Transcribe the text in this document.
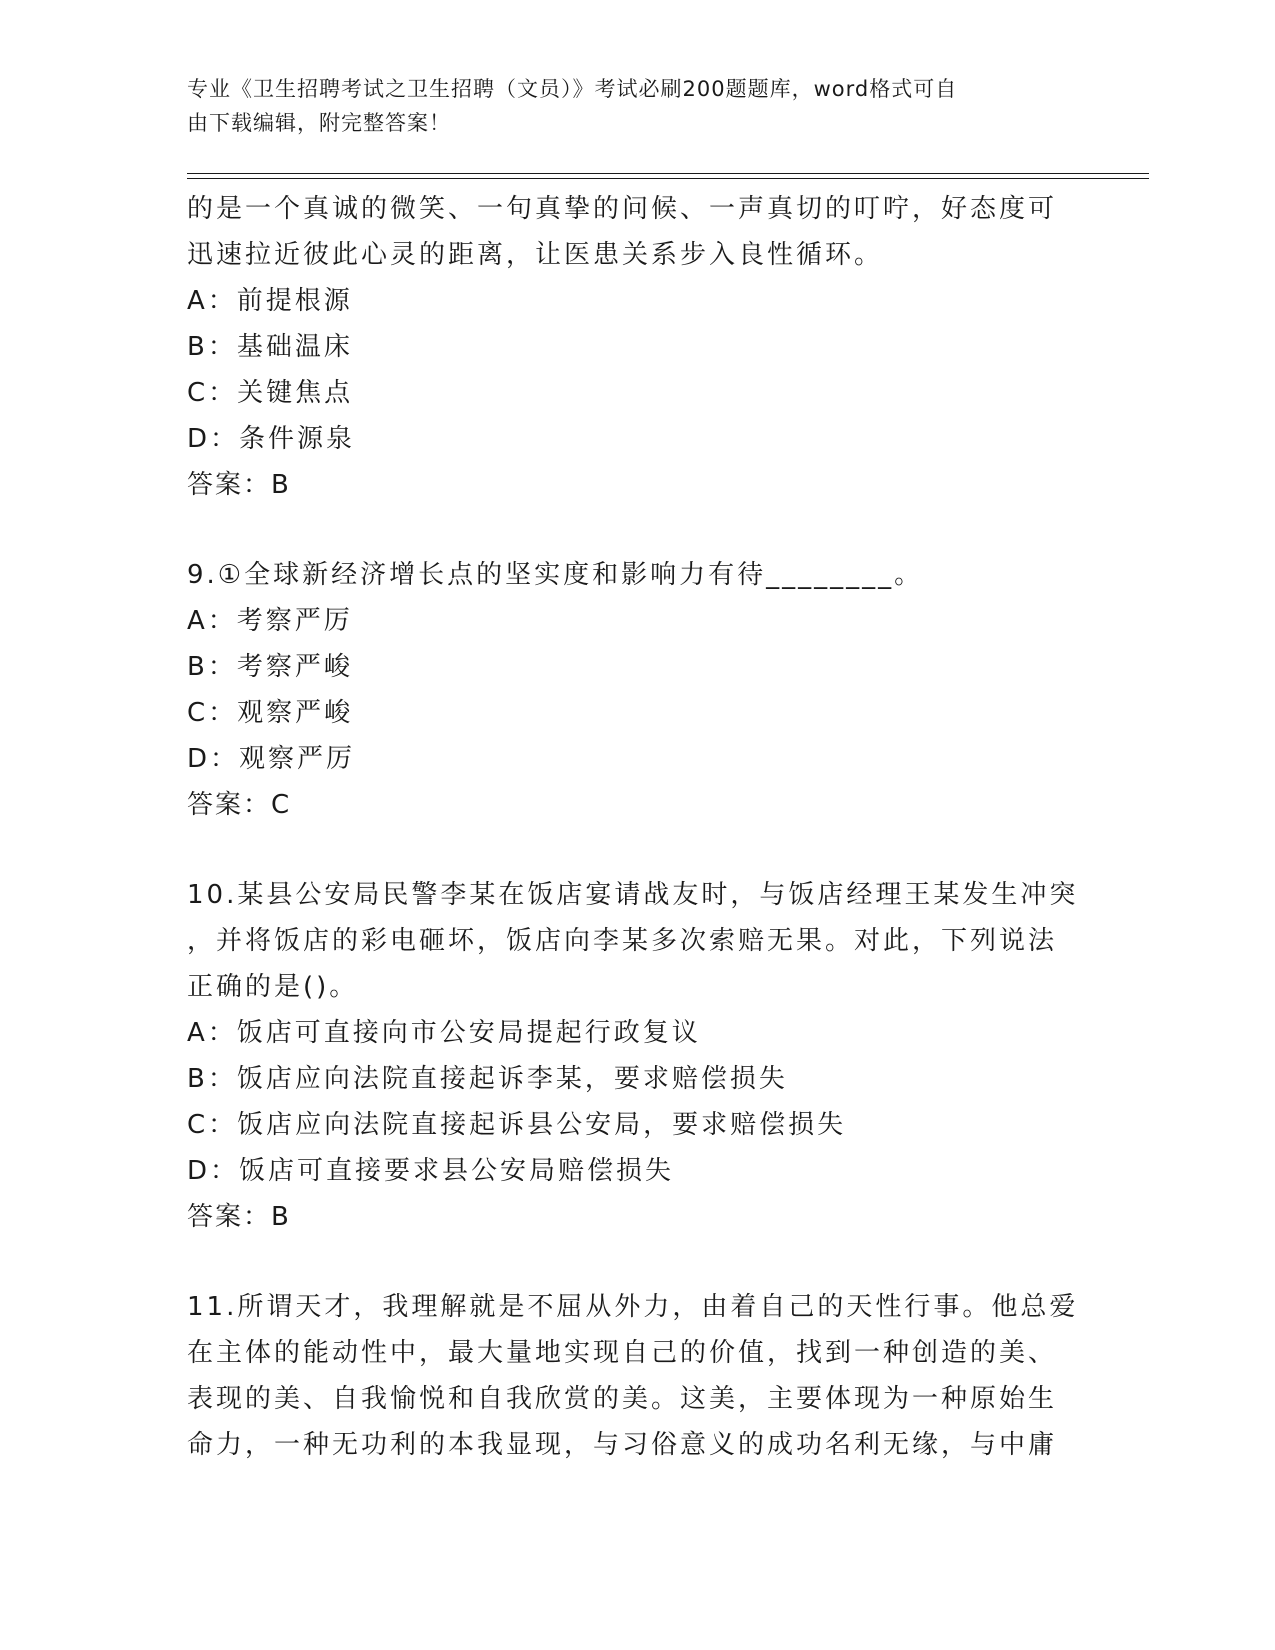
专业《卫生招聘考试之卫生招聘（文员）》考试必刷200题题库，word格式可自
由下载编辑，附完整答案！
的是一个真诚的微笑、一句真挚的问候、一声真切的叮咛，好态度可
迅速拉近彼此心灵的距离，让医患关系步入良性循环。
A：前提根源
B：基础温床
C：关键焦点
D：条件源泉
答案：B
9.①全球新经济增长点的坚实度和影响力有待________。
A：考察严厉
B：考察严峻
C：观察严峻
D：观察严厉
答案：C
10.某县公安局民警李某在饭店宴请战友时，与饭店经理王某发生冲突
，并将饭店的彩电砸坏，饭店向李某多次索赔无果。对此，下列说法
正确的是()。
A：饭店可直接向市公安局提起行政复议
B：饭店应向法院直接起诉李某，要求赔偿损失
C：饭店应向法院直接起诉县公安局，要求赔偿损失
D：饭店可直接要求县公安局赔偿损失
答案：B
11.所谓天才，我理解就是不屈从外力，由着自己的天性行事。他总爱
在主体的能动性中，最大量地实现自己的价值，找到一种创造的美、
表现的美、自我愉悦和自我欣赏的美。这美，主要体现为一种原始生
命力，一种无功利的本我显现，与习俗意义的成功名利无缘，与中庸
